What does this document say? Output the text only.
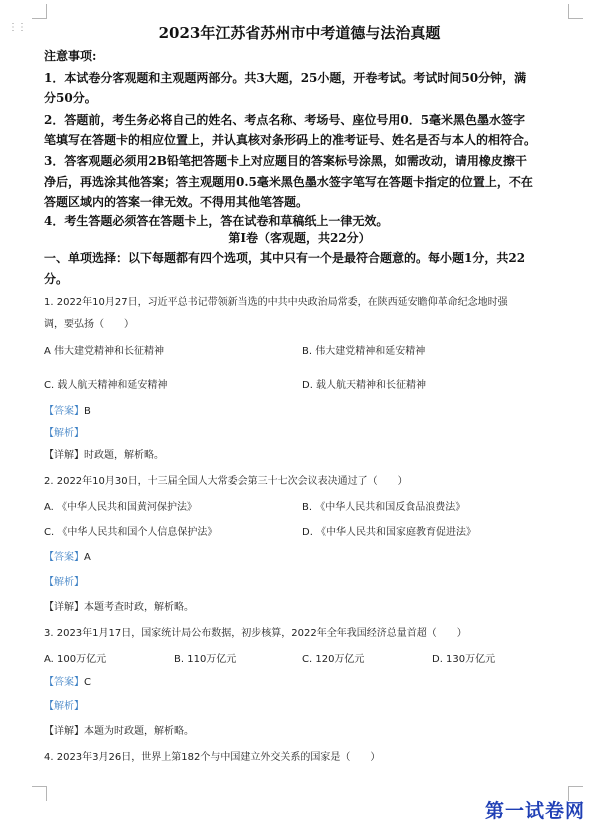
⋮⋮	2023年江苏省苏州市中考道德与法治真题
注意事项:
1．本试卷分客观题和主观题两部分。共3大题，25小题，开卷考试。考试时间50分钟，满
分50分。
2．答题前，考生务必将自己的姓名、考点名称、考场号、座位号用0．5毫米黑色墨水签字
笔填写在答题卡的相应位置上，并认真核对条形码上的准考证号、姓名是否与本人的相符合。
3．答客观题必须用2B铅笔把答题卡上对应题目的答案标号涂黑，如需改动，请用橡皮擦干
净后，再选涂其他答案；答主观题用0.5毫米黑色墨水签字笔写在答题卡指定的位置上，不在
答题区域内的答案一律无效。不得用其他笔答题。
4．考生答题必须答在答题卡上，答在试卷和草稿纸上一律无效。
第Ⅰ卷（客观题，共22分）
一、单项选择：以下每题都有四个选项，其中只有一个是最符合题意的。每小题1分，共22
分。
1. 2022年10月27日，习近平总书记带领新当选的中共中央政治局常委，在陕西延安瞻仰革命纪念地时强
调，要弘扬（　　）
A 伟大建党精神和长征精神	B. 伟大建党精神和延安精神
C. 载人航天精神和延安精神	D. 载人航天精神和长征精神
【答案】B
【解析】
【详解】时政题，解析略。
2. 2022年10月30日，十三届全国人大常委会第三十七次会议表决通过了（　　）
A. 《中华人民共和国黄河保护法》	B. 《中华人民共和国反食品浪费法》
C. 《中华人民共和国个人信息保护法》	D. 《中华人民共和国家庭教育促进法》
【答案】A
【解析】
【详解】本题考查时政，解析略。
3. 2023年1月17日，国家统计局公布数据，初步核算，2022年全年我国经济总量首超（　　）
A. 100万亿元	B. 110万亿元	C. 120万亿元	D. 130万亿元
【答案】C
【解析】
【详解】本题为时政题，解析略。
4. 2023年3月26日，世界上第182个与中国建立外交关系的国家是（　　）
第一试卷网
